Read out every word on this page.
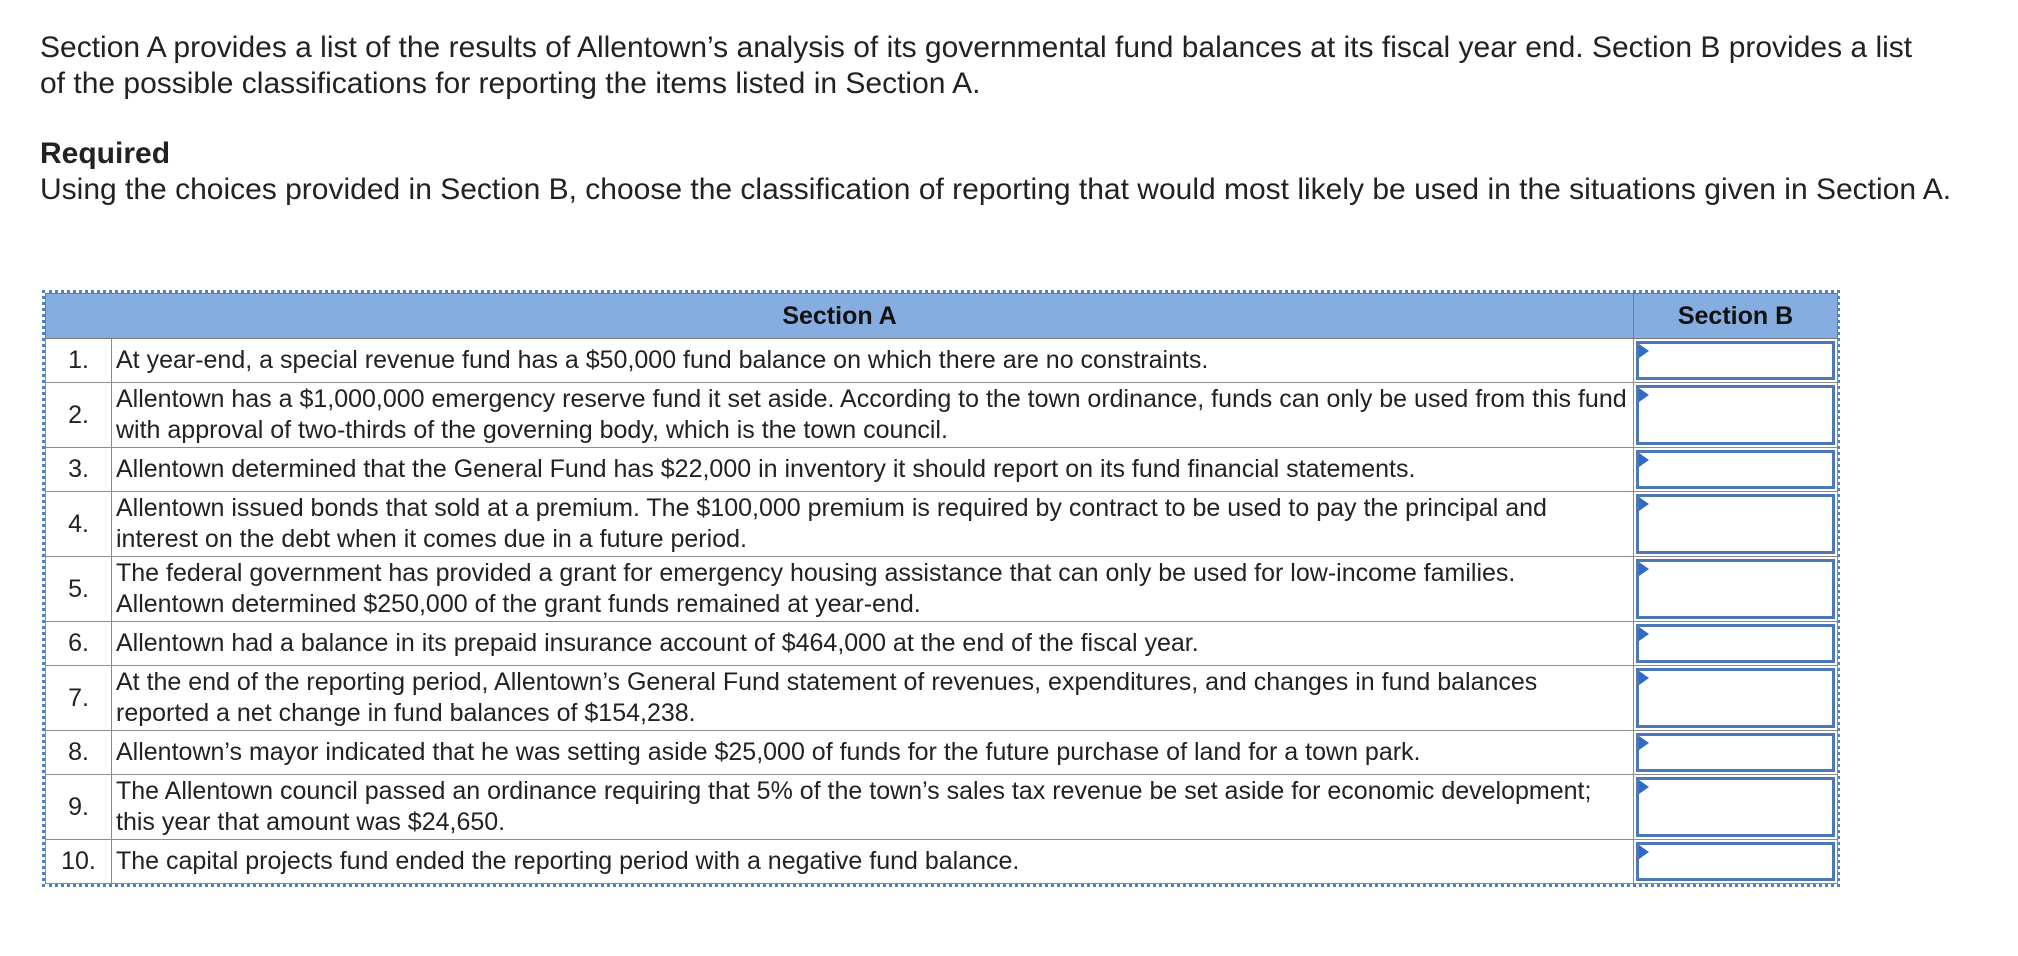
Section A provides a list of the results of Allentown’s analysis of its governmental fund balances at its fiscal year end. Section B provides a list of the possible classifications for reporting the items listed in Section A.

Required

Using the choices provided in Section B, choose the classification of reporting that would most likely be used in the situations given in Section A.

Section A		Section B
1.	At year-end, a special revenue fund has a $50,000 fund balance on which there are no constraints.	

2.	Allentown has a $1,000,000 emergency reserve fund it set aside. According to the town ordinance, funds can only be used from this fund with approval of two-thirds of the governing body, which is the town council.	

3.	Allentown determined that the General Fund has $22,000 in inventory it should report on its fund financial statements.	

4.	Allentown issued bonds that sold at a premium. The $100,000 premium is required by contract to be used to pay the principal and interest on the debt when it comes due in a future period.	

5.	The federal government has provided a grant for emergency housing assistance that can only be used for low-income families. Allentown determined $250,000 of the grant funds remained at year-end.	

6.	Allentown had a balance in its prepaid insurance account of $464,000 at the end of the fiscal year.	

7.	At the end of the reporting period, Allentown’s General Fund statement of revenues, expenditures, and changes in fund balances reported a net change in fund balances of $154,238.	

8.	Allentown’s mayor indicated that he was setting aside $25,000 of funds for the future purchase of land for a town park.	

9.	The Allentown council passed an ordinance requiring that 5% of the town’s sales tax revenue be set aside for economic development; this year that amount was $24,650.	

10.	The capital projects fund ended the reporting period with a negative fund balance.	
